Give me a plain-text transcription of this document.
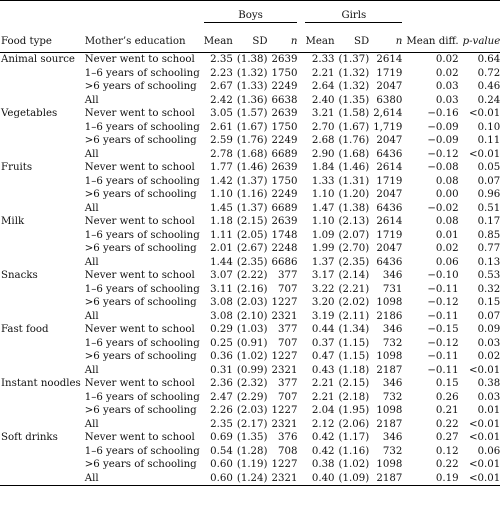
		Boys				Girls				

Food type	Mother’s education	Mean	SD	n		Mean	SD	n	Mean diff.	p-value
Animal source	Never went to school	2.35	(1.38)	2639		2.33	(1.37)	2614	0.02	0.64
	1–6 years of schooling	2.23	(1.32)	1750		2.21	(1.32)	1719	0.02	0.72
	>6 years of schooling	2.67	(1.33)	2249		2.64	(1.32)	2047	0.03	0.46
	All	2.42	(1.36)	6638		2.40	(1.35)	6380	0.03	0.24
Vegetables	Never went to school	3.05	(1.57)	2639		3.21	(1.58)	2,614	−0.16	<0.01
	1–6 years of schooling	2.61	(1.67)	1750		2.70	(1.67)	1,719	−0.09	0.10
	>6 years of schooling	2.59	(1.76)	2249		2.68	(1.76)	2047	−0.09	0.11
	All	2.78	(1.68)	6689		2.90	(1.68)	6436	−0.12	<0.01
Fruits	Never went to school	1.77	(1.46)	2639		1.84	(1.46)	2614	−0.08	0.05
	1–6 years of schooling	1.42	(1.37)	1750		1.33	(1.31)	1719	0.08	0.07
	>6 years of schooling	1.10	(1.16)	2249		1.10	(1.20)	2047	0.00	0.96
	All	1.45	(1.37)	6689		1.47	(1.38)	6436	−0.02	0.51
Milk	Never went to school	1.18	(2.15)	2639		1.10	(2.13)	2614	0.08	0.17
	1–6 years of schooling	1.11	(2.05)	1748		1.09	(2.07)	1719	0.01	0.85
	>6 years of schooling	2.01	(2.67)	2248		1.99	(2.70)	2047	0.02	0.77
	All	1.44	(2.35)	6686		1.37	(2.35)	6436	0.06	0.13
Snacks	Never went to school	3.07	(2.22)	377		3.17	(2.14)	346	−0.10	0.53
	1–6 years of schooling	3.11	(2.16)	707		3.22	(2.21)	731	−0.11	0.32
	>6 years of schooling	3.08	(2.03)	1227		3.20	(2.02)	1098	−0.12	0.15
	All	3.08	(2.10)	2321		3.19	(2.11)	2186	−0.11	0.07
Fast food	Never went to school	0.29	(1.03)	377		0.44	(1.34)	346	−0.15	0.09
	1–6 years of schooling	0.25	(0.91)	707		0.37	(1.15)	732	−0.12	0.03
	>6 years of schooling	0.36	(1.02)	1227		0.47	(1.15)	1098	−0.11	0.02
	All	0.31	(0.99)	2321		0.43	(1.18)	2187	−0.11	<0.01
Instant noodles	Never went to school	2.36	(2.32)	377		2.21	(2.15)	346	0.15	0.38
	1–6 years of schooling	2.47	(2.29)	707		2.21	(2.18)	732	0.26	0.03
	>6 years of schooling	2.26	(2.03)	1227		2.04	(1.95)	1098	0.21	0.01
	All	2.35	(2.17)	2321		2.12	(2.06)	2187	0.22	<0.01
Soft drinks	Never went to school	0.69	(1.35)	376		0.42	(1.17)	346	0.27	<0.01
	1–6 years of schooling	0.54	(1.28)	708		0.42	(1.16)	732	0.12	0.06
	>6 years of schooling	0.60	(1.19)	1227		0.38	(1.02)	1098	0.22	<0.01
	All	0.60	(1.24)	2321		0.40	(1.09)	2187	0.19	<0.01
